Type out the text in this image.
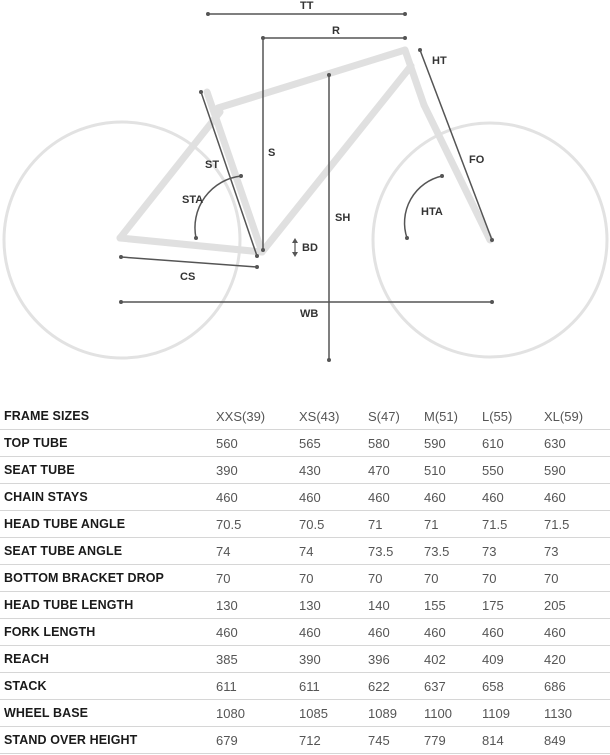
TT
R
HT
S
ST
STA
FO
SH	HTA
BD
CS
WB
FRAME SIZES	XXS(39)	XS(43)	S(47)	M(51)	L(55)	XL(59)
TOP TUBE	560	565	580	590	610	630
SEAT TUBE	390	430	470	510	550	590
CHAIN STAYS	460	460	460	460	460	460
HEAD TUBE ANGLE	70.5	70.5	71	71	71.5	71.5
SEAT TUBE ANGLE	74	74	73.5	73.5	73	73
BOTTOM BRACKET DROP	70	70	70	70	70	70
HEAD TUBE LENGTH	130	130	140	155	175	205
FORK LENGTH	460	460	460	460	460	460
REACH	385	390	396	402	409	420
STACK	611	611	622	637	658	686
WHEEL BASE	1080	1085	1089	1100	1109	1130
STAND OVER HEIGHT	679	712	745	779	814	849
